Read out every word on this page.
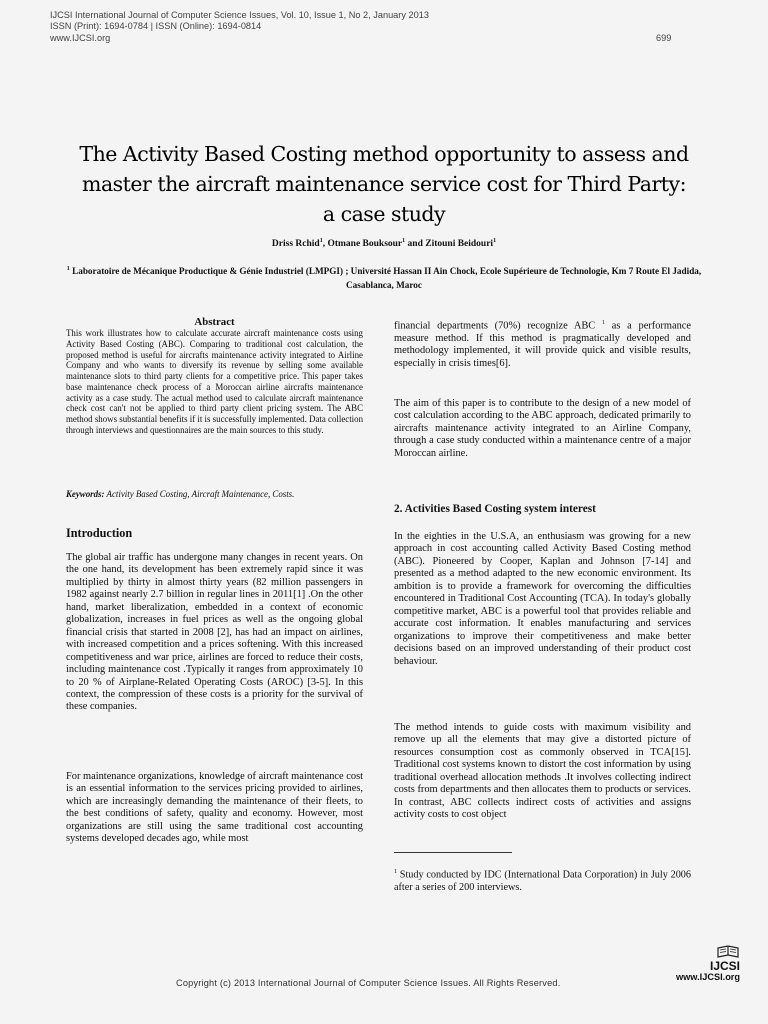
IJCSI International Journal of Computer Science Issues, Vol. 10, Issue 1, No 2, January 2013
ISSN (Print): 1694-0784 | ISSN (Online): 1694-0814
www.IJCSI.org	699
The Activity Based Costing method opportunity to assess and
master the aircraft maintenance service cost for Third Party:
a case study
Driss Rchid$^1$, Otmane Bouksour$^1$ and Zitouni Beidouri$^1$
$^1$ Laboratoire de Mécanique Productique & Génie Industriel (LMPGI) ; Université Hassan II Ain Chock, Ecole Supérieure de Technologie, Km 7 Route El Jadida, Casablanca, Maroc
Abstract

This work illustrates how to calculate accurate aircraft maintenance costs using Activity Based Costing (ABC). Comparing to traditional cost calculation, the proposed method is useful for aircrafts maintenance activity integrated to Airline Company and who wants to diversify its revenue by selling some available maintenance slots to third party clients for a competitive price. This paper takes base maintenance check process of a Moroccan airline aircrafts maintenance activity as a case study. The actual method used to calculate aircraft maintenance check cost can't not be applied to third party client pricing system. The ABC method shows substantial benefits if it is successfully implemented. Data collection through interviews and questionnaires are the main sources to this study.

Keywords: Activity Based Costing, Aircraft Maintenance, Costs.
Introduction

The global air traffic has undergone many changes in recent years. On the one hand, its development has been extremely rapid since it was multiplied by thirty in almost thirty years (82 million passengers in 1982 against nearly 2.7 billion in regular lines in 2011[1] .On the other hand, market liberalization, embedded in a context of economic globalization, increases in fuel prices as well as the ongoing global financial crisis that started in 2008 [2], has had an impact on airlines, with increased competition and a prices softening. With this increased competitiveness and war price, airlines are forced to reduce their costs, including maintenance cost .Typically it ranges from approximately 10 to 20 % of Airplane-Related Operating Costs (AROC) [3-5]. In this context, the compression of these costs is a priority for the survival of these companies.

For maintenance organizations, knowledge of aircraft maintenance cost is an essential information to the services pricing provided to airlines, which are increasingly demanding the maintenance of their fleets, to the best conditions of safety, quality and economy. However, most organizations are still using the same traditional cost accounting systems developed decades ago, while most

financial departments (70%) recognize ABC $^1$ as a performance measure method. If this method is pragmatically developed and methodology implemented, it will provide quick and visible results, especially in crisis times[6].

The aim of this paper is to contribute to the design of a new model of cost calculation according to the ABC approach, dedicated primarily to aircrafts maintenance activity integrated to an Airline Company, through a case study conducted within a maintenance centre of a major Moroccan airline.

2. Activities Based Costing system interest

In the eighties in the U.S.A, an enthusiasm was growing for a new approach in cost accounting called Activity Based Costing method (ABC). Pioneered by Cooper, Kaplan and Johnson [7-14] and presented as a method adapted to the new economic environment. Its ambition is to provide a framework for overcoming the difficulties encountered in Traditional Cost Accounting (TCA). In today's globally competitive market, ABC is a powerful tool that provides reliable and accurate cost information. It enables manufacturing and services organizations to improve their competitiveness and make better decisions based on an improved understanding of their product cost behaviour.

The method intends to guide costs with maximum visibility and remove up all the elements that may give a distorted picture of resources consumption cost as commonly observed in TCA[15]. Traditional cost systems known to distort the cost information by using traditional overhead allocation methods .It involves collecting indirect costs from departments and then allocates them to products or services. In contrast, ABC collects indirect costs of activities and assigns activity costs to cost object

$^1$ Study conducted by IDC (International Data Corporation) in July 2006 after a series of 200 interviews.

Copyright (c) 2013 International Journal of Computer Science Issues. All Rights Reserved.
IJCSI
www.IJCSI.org
